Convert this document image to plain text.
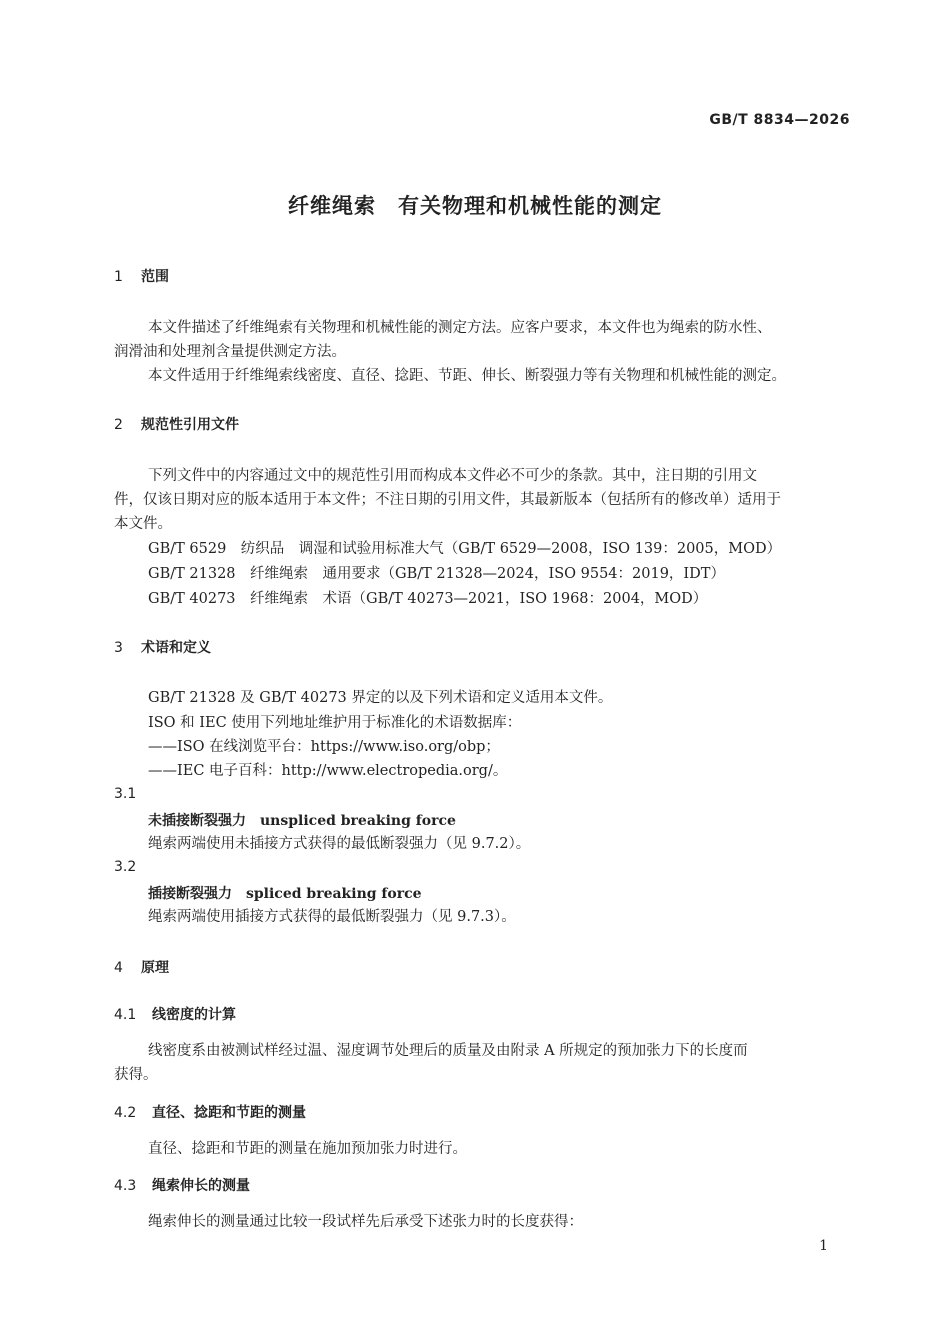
GB/T 8834—2026
纤维绳索　有关物理和机械性能的测定
1 范围
本文件描述了纤维绳索有关物理和机械性能的测定方法。应客户要求，本文件也为绳索的防水性、
润滑油和处理剂含量提供测定方法。
本文件适用于纤维绳索线密度、直径、捻距、节距、伸长、断裂强力等有关物理和机械性能的测定。
2 规范性引用文件
下列文件中的内容通过文中的规范性引用而构成本文件必不可少的条款。其中，注日期的引用文
件，仅该日期对应的版本适用于本文件；不注日期的引用文件，其最新版本（包括所有的修改单）适用于
本文件。
GB/T 6529　纺织品　调湿和试验用标准大气（GB/T 6529—2008，ISO 139：2005，MOD）
GB/T 21328　纤维绳索　通用要求（GB/T 21328—2024，ISO 9554：2019，IDT）
GB/T 40273　纤维绳索　术语（GB/T 40273—2021，ISO 1968：2004，MOD）
3 术语和定义
GB/T 21328 及 GB/T 40273 界定的以及下列术语和定义适用本文件。
ISO 和 IEC 使用下列地址维护用于标准化的术语数据库：
——ISO 在线浏览平台：https://www.iso.org/obp；
——IEC 电子百科：http://www.electropedia.org/。
3.1
未插接断裂强力 unspliced breaking force
绳索两端使用未插接方式获得的最低断裂强力（见 9.7.2）。
3.2
插接断裂强力 spliced breaking force
绳索两端使用插接方式获得的最低断裂强力（见 9.7.3）。
4 原理
4.1 线密度的计算
线密度系由被测试样经过温、湿度调节处理后的质量及由附录 A 所规定的预加张力下的长度而
获得。
4.2 直径、捻距和节距的测量
直径、捻距和节距的测量在施加预加张力时进行。
4.3 绳索伸长的测量
绳索伸长的测量通过比较一段试样先后承受下述张力时的长度获得：
1
